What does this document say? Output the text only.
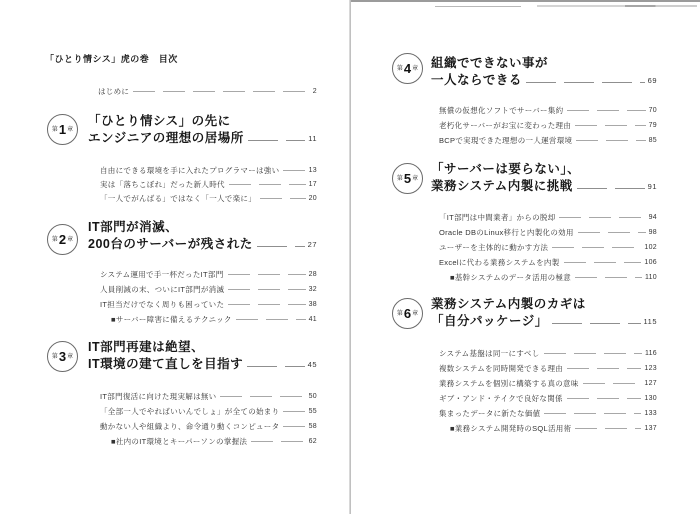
「ひとり情シス」虎の巻　目次
はじめに	2
第 1 章
「ひとり情シス」の先に
エンジニアの理想の居場所	11
自由にできる環境を手に入れたプログラマーは強い	13
実は「落ちこぼれ」だった新人時代	17
「一人でがんばる」ではなく「一人で楽に」	20
第 2 章
IT部門が消滅、
200台のサーバーが残された	27
システム運用で手一杯だったIT部門	28
人員削減の末、ついにIT部門が消滅	32
IT担当だけでなく周りも困っていた	38
■サーバー障害に備えるテクニック	41
第 3 章
IT部門再建は絶望、
IT環境の建て直しを目指す	45
IT部門復活に向けた現実解は無い	50
「全部一人でやればいいんでしょ」が全ての始まり	55
動かない人や組織より、命令通り動くコンピュータ	58
■社内のIT環境とキーパーソンの掌握法	62
第 4 章 組織でできない事が
一人ならできる	69
無償の仮想化ソフトでサーバー集約	70
老朽化サーバーがお宝に変わった理由	79
BCPで実現できた理想の一人運営環境	85
第 5 章
「サーバーは要らない」、
業務システム内製に挑戦	91
「IT部門は中間業者」からの脱却	94
Oracle DBのLinux移行と内製化の効用	98
ユーザーを主体的に動かす方法	102
Excelに代わる業務システムを内製	106
■基幹システムのデータ活用の極意	110
第 6 章
業務システム内製のカギは
「自分パッケージ」	115
システム基盤は同一にすべし	116
複数システムを同時開発できる理由	123
業務システムを個別に構築する真の意味	127
ギブ・アンド・テイクで良好な関係	130
集まったデータに新たな価値	133
■業務システム開発時のSQL活用術	137
